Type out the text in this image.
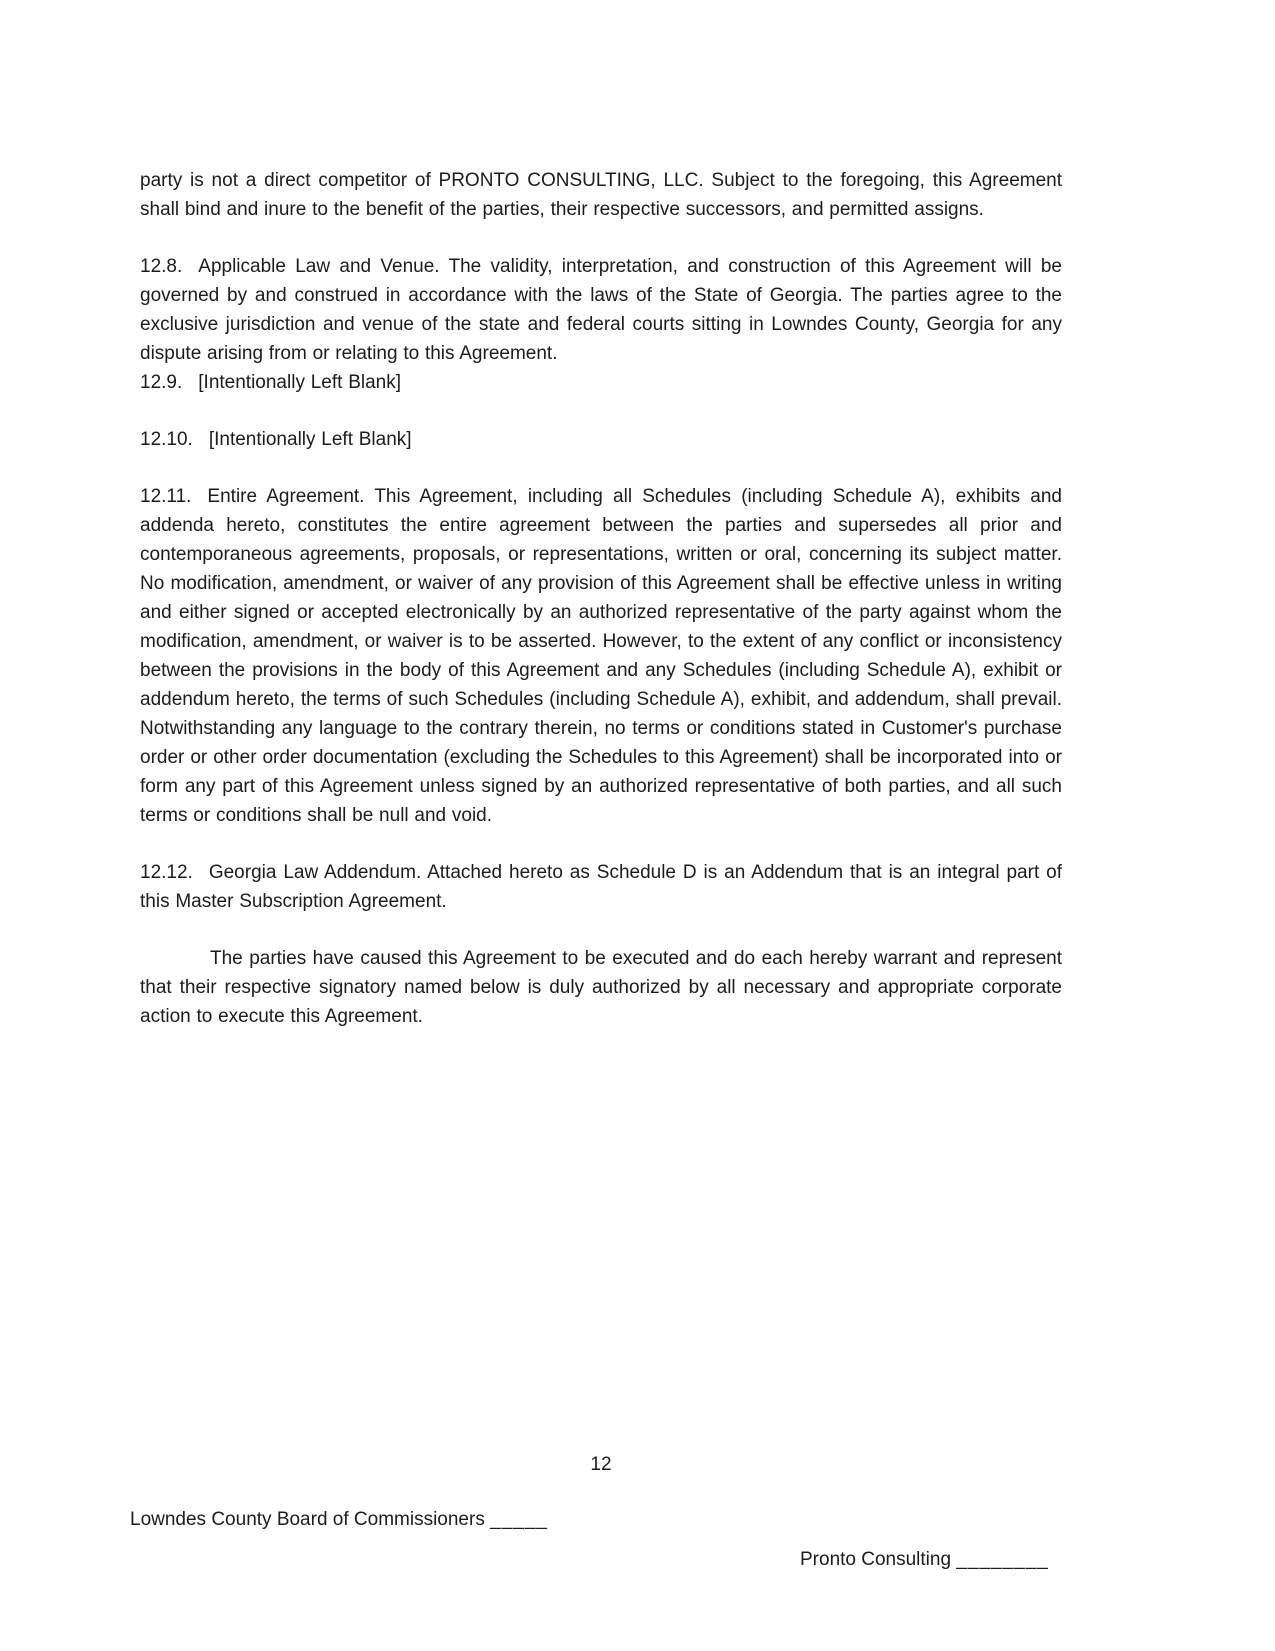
party is not a direct competitor of PRONTO CONSULTING, LLC. Subject to the foregoing, this Agreement shall bind and inure to the benefit of the parties, their respective successors, and permitted assigns.

12.8. Applicable Law and Venue. The validity, interpretation, and construction of this Agreement will be governed by and construed in accordance with the laws of the State of Georgia. The parties agree to the exclusive jurisdiction and venue of the state and federal courts sitting in Lowndes County, Georgia for any dispute arising from or relating to this Agreement.

12.9. [Intentionally Left Blank]

12.10. [Intentionally Left Blank]

12.11. Entire Agreement. This Agreement, including all Schedules (including Schedule A), exhibits and addenda hereto, constitutes the entire agreement between the parties and supersedes all prior and contemporaneous agreements, proposals, or representations, written or oral, concerning its subject matter. No modification, amendment, or waiver of any provision of this Agreement shall be effective unless in writing and either signed or accepted electronically by an authorized representative of the party against whom the modification, amendment, or waiver is to be asserted. However, to the extent of any conflict or inconsistency between the provisions in the body of this Agreement and any Schedules (including Schedule A), exhibit or addendum hereto, the terms of such Schedules (including Schedule A), exhibit, and addendum, shall prevail. Notwithstanding any language to the contrary therein, no terms or conditions stated in Customer's purchase order or other order documentation (excluding the Schedules to this Agreement) shall be incorporated into or form any part of this Agreement unless signed by an authorized representative of both parties, and all such terms or conditions shall be null and void.

12.12. Georgia Law Addendum. Attached hereto as Schedule D is an Addendum that is an integral part of this Master Subscription Agreement.

The parties have caused this Agreement to be executed and do each hereby warrant and represent that their respective signatory named below is duly authorized by all necessary and appropriate corporate action to execute this Agreement.

12
Lowndes County Board of Commissioners _____
Pronto Consulting ________
